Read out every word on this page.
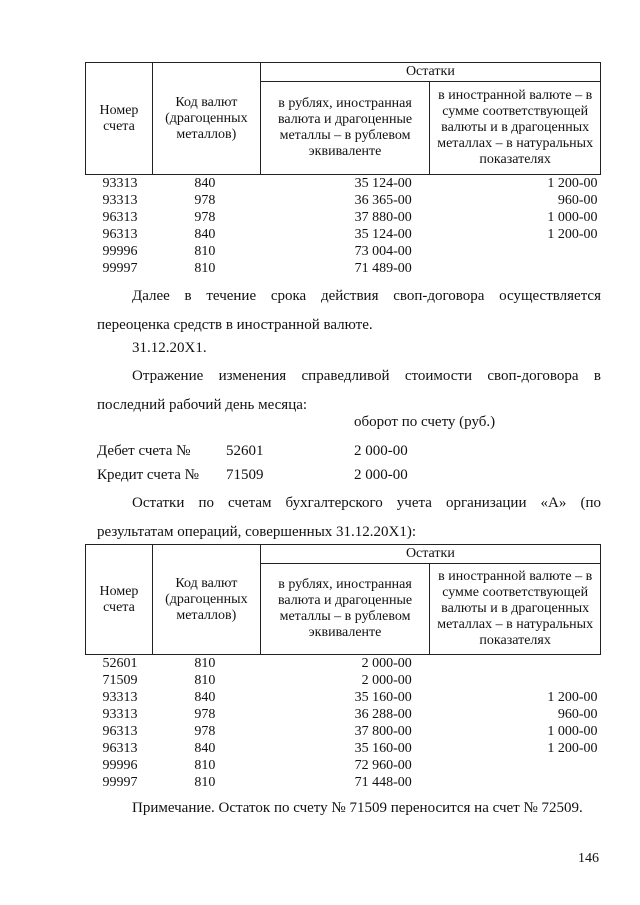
Номер счета	Код валют (драгоценных металлов)	Остатки	
		в рублях, иностранная валюта и драгоценные металлы – в рублевом эквиваленте	в иностранной валюте – в сумме соответствующей валюты и в драгоценных металлах – в натуральных показателях
93313	840	35 124-00	1 200-00
93313	978	36 365-00	960-00
96313	978	37 880-00	1 000-00
96313	840	35 124-00	1 200-00
99996	810	73 004-00	
99997	810	71 489-00	

Далее в течение срока действия своп-договора осуществляется переоценка средств в иностранной валюте.

31.12.20X1.

Отражение изменения справедливой стоимости своп-договора в последний рабочий день месяца:

оборот по счету (руб.)
Дебет счета № 52601	2 000-00
Кредит счета № 71509	2 000-00

Остатки по счетам бухгалтерского учета организации «А» (по результатам операций, совершенных 31.12.20X1):

Номер счета	Код валют (драгоценных металлов)	Остатки	
		в рублях, иностранная валюта и драгоценные металлы – в рублевом эквиваленте	в иностранной валюте – в сумме соответствующей валюты и в драгоценных металлах – в натуральных показателях
52601	810	2 000-00	
71509	810	2 000-00	
93313	840	35 160-00	1 200-00
93313	978	36 288-00	960-00
96313	978	37 800-00	1 000-00
96313	840	35 160-00	1 200-00
99996	810	72 960-00	
99997	810	71 448-00	
Примечание. Остаток по счету № 71509 переносится на счет № 72509.
146
